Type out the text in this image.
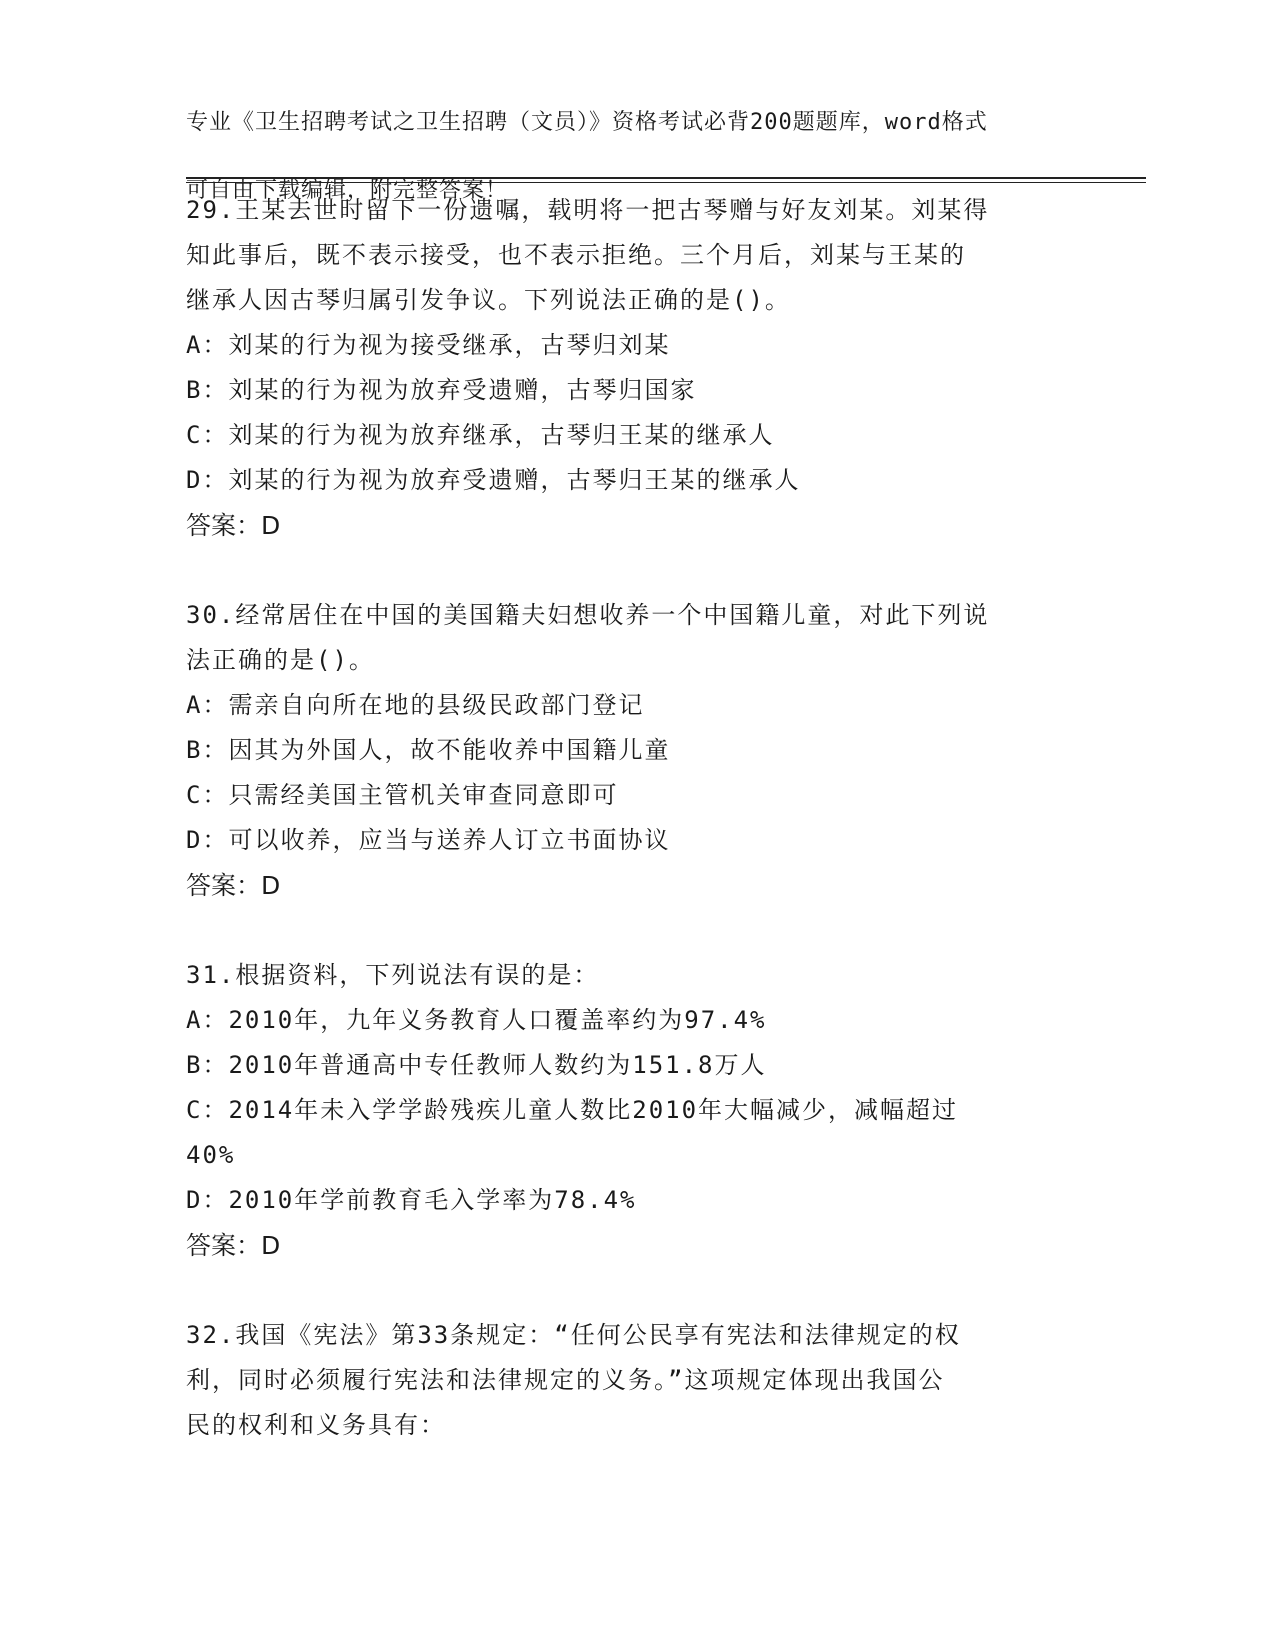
专业《卫生招聘考试之卫生招聘（文员）》资格考试必背200题题库，word格式

可自由下载编辑，附完整答案！

29.王某去世时留下一份遗嘱，载明将一把古琴赠与好友刘某。刘某得

知此事后，既不表示接受，也不表示拒绝。三个月后，刘某与王某的

继承人因古琴归属引发争议。下列说法正确的是()。

A：刘某的行为视为接受继承，古琴归刘某

B：刘某的行为视为放弃受遗赠，古琴归国家

C：刘某的行为视为放弃继承，古琴归王某的继承人

D：刘某的行为视为放弃受遗赠，古琴归王某的继承人

答案：D

30.经常居住在中国的美国籍夫妇想收养一个中国籍儿童，对此下列说

法正确的是()。

A：需亲自向所在地的县级民政部门登记

B：因其为外国人，故不能收养中国籍儿童

C：只需经美国主管机关审查同意即可

D：可以收养，应当与送养人订立书面协议

答案：D

31.根据资料，下列说法有误的是：

A：2010年，九年义务教育人口覆盖率约为97.4%

B：2010年普通高中专任教师人数约为151.8万人

C：2014年未入学学龄残疾儿童人数比2010年大幅减少，减幅超过

40%

D：2010年学前教育毛入学率为78.4%

答案：D

32.我国《宪法》第33条规定：“任何公民享有宪法和法律规定的权

利，同时必须履行宪法和法律规定的义务。”这项规定体现出我国公

民的权利和义务具有：
